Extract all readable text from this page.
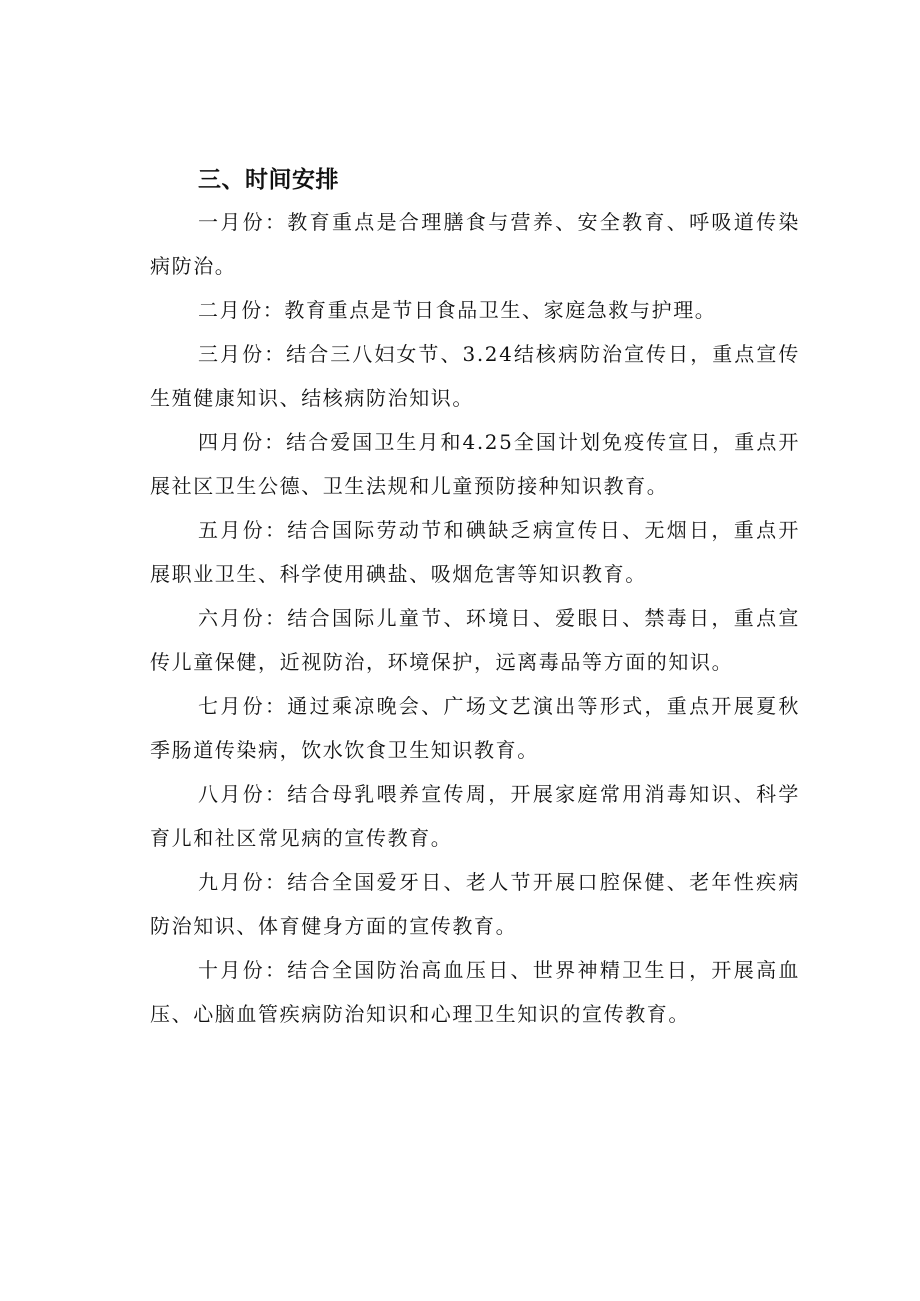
三、时间安排

一月份：教育重点是合理膳食与营养、安全教育、呼吸道传染病防治。

二月份：教育重点是节日食品卫生、家庭急救与护理。

三月份：结合三八妇女节、3.24结核病防治宣传日，重点宣传生殖健康知识、结核病防治知识。

四月份：结合爱国卫生月和4.25全国计划免疫传宣日，重点开展社区卫生公德、卫生法规和儿童预防接种知识教育。

五月份：结合国际劳动节和碘缺乏病宣传日、无烟日，重点开展职业卫生、科学使用碘盐、吸烟危害等知识教育。

六月份：结合国际儿童节、环境日、爱眼日、禁毒日，重点宣传儿童保健，近视防治，环境保护，远离毒品等方面的知识。

七月份：通过乘凉晚会、广场文艺演出等形式，重点开展夏秋季肠道传染病，饮水饮食卫生知识教育。

八月份：结合母乳喂养宣传周，开展家庭常用消毒知识、科学育儿和社区常见病的宣传教育。

九月份：结合全国爱牙日、老人节开展口腔保健、老年性疾病防治知识、体育健身方面的宣传教育。

十月份：结合全国防治高血压日、世界神精卫生日，开展高血压、心脑血管疾病防治知识和心理卫生知识的宣传教育。
